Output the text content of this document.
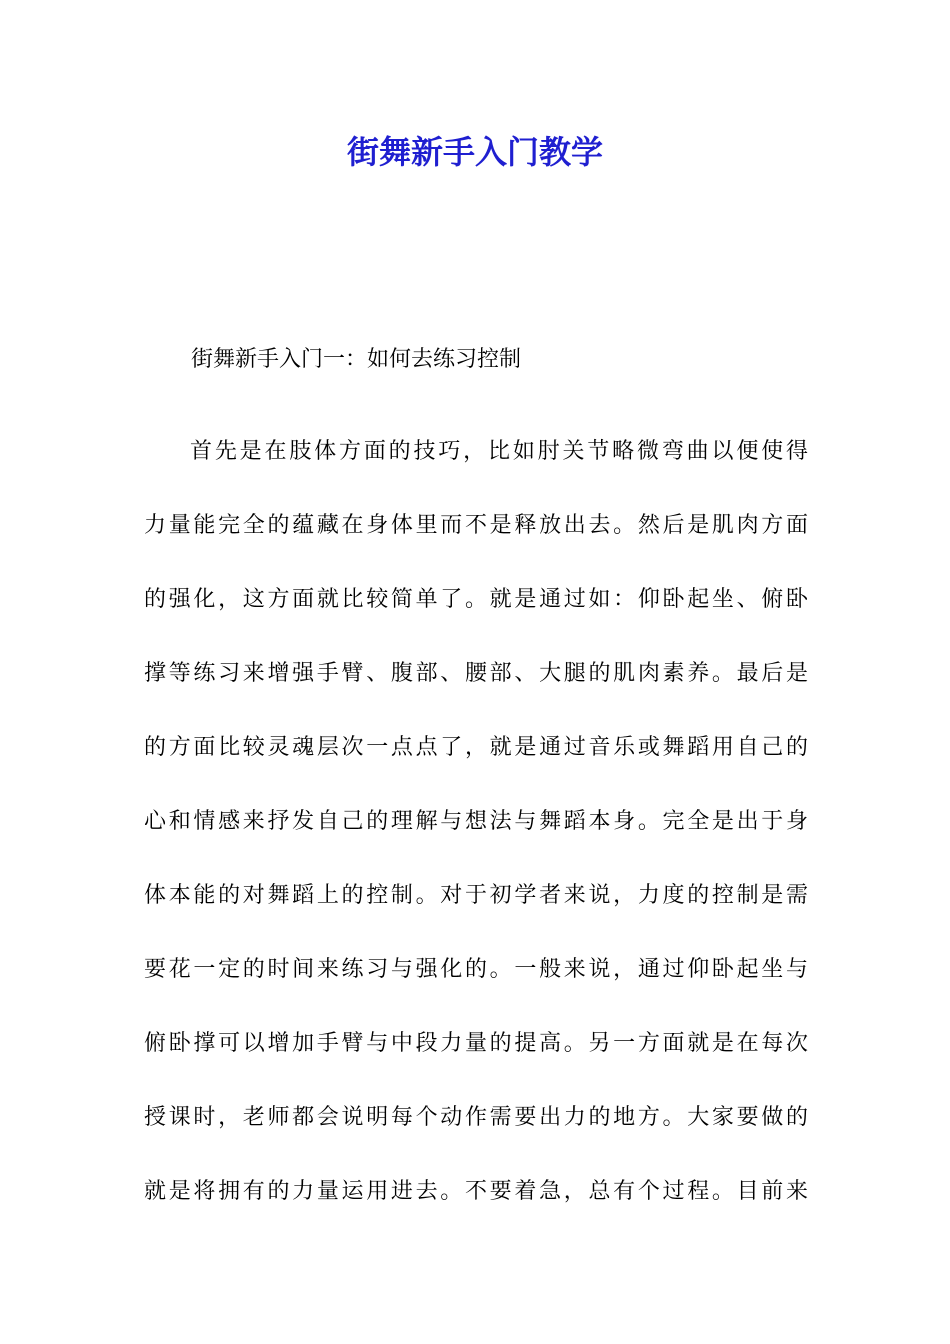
街舞新手入门教学

街舞新手入门一：如何去练习控制

首先是在肢体方面的技巧，比如肘关节略微弯曲以便使得
力量能完全的蕴藏在身体里而不是释放出去。然后是肌肉方面
的强化，这方面就比较简单了。就是通过如：仰卧起坐、俯卧
撑等练习来增强手臂、腹部、腰部、大腿的肌肉素养。最后是
的方面比较灵魂层次一点点了，就是通过音乐或舞蹈用自己的
心和情感来抒发自己的理解与想法与舞蹈本身。完全是出于身
体本能的对舞蹈上的控制。对于初学者来说，力度的控制是需
要花一定的时间来练习与强化的。一般来说，通过仰卧起坐与
俯卧撑可以增加手臂与中段力量的提高。另一方面就是在每次
授课时，老师都会说明每个动作需要出力的地方。大家要做的
就是将拥有的力量运用进去。不要着急，总有个过程。目前来
